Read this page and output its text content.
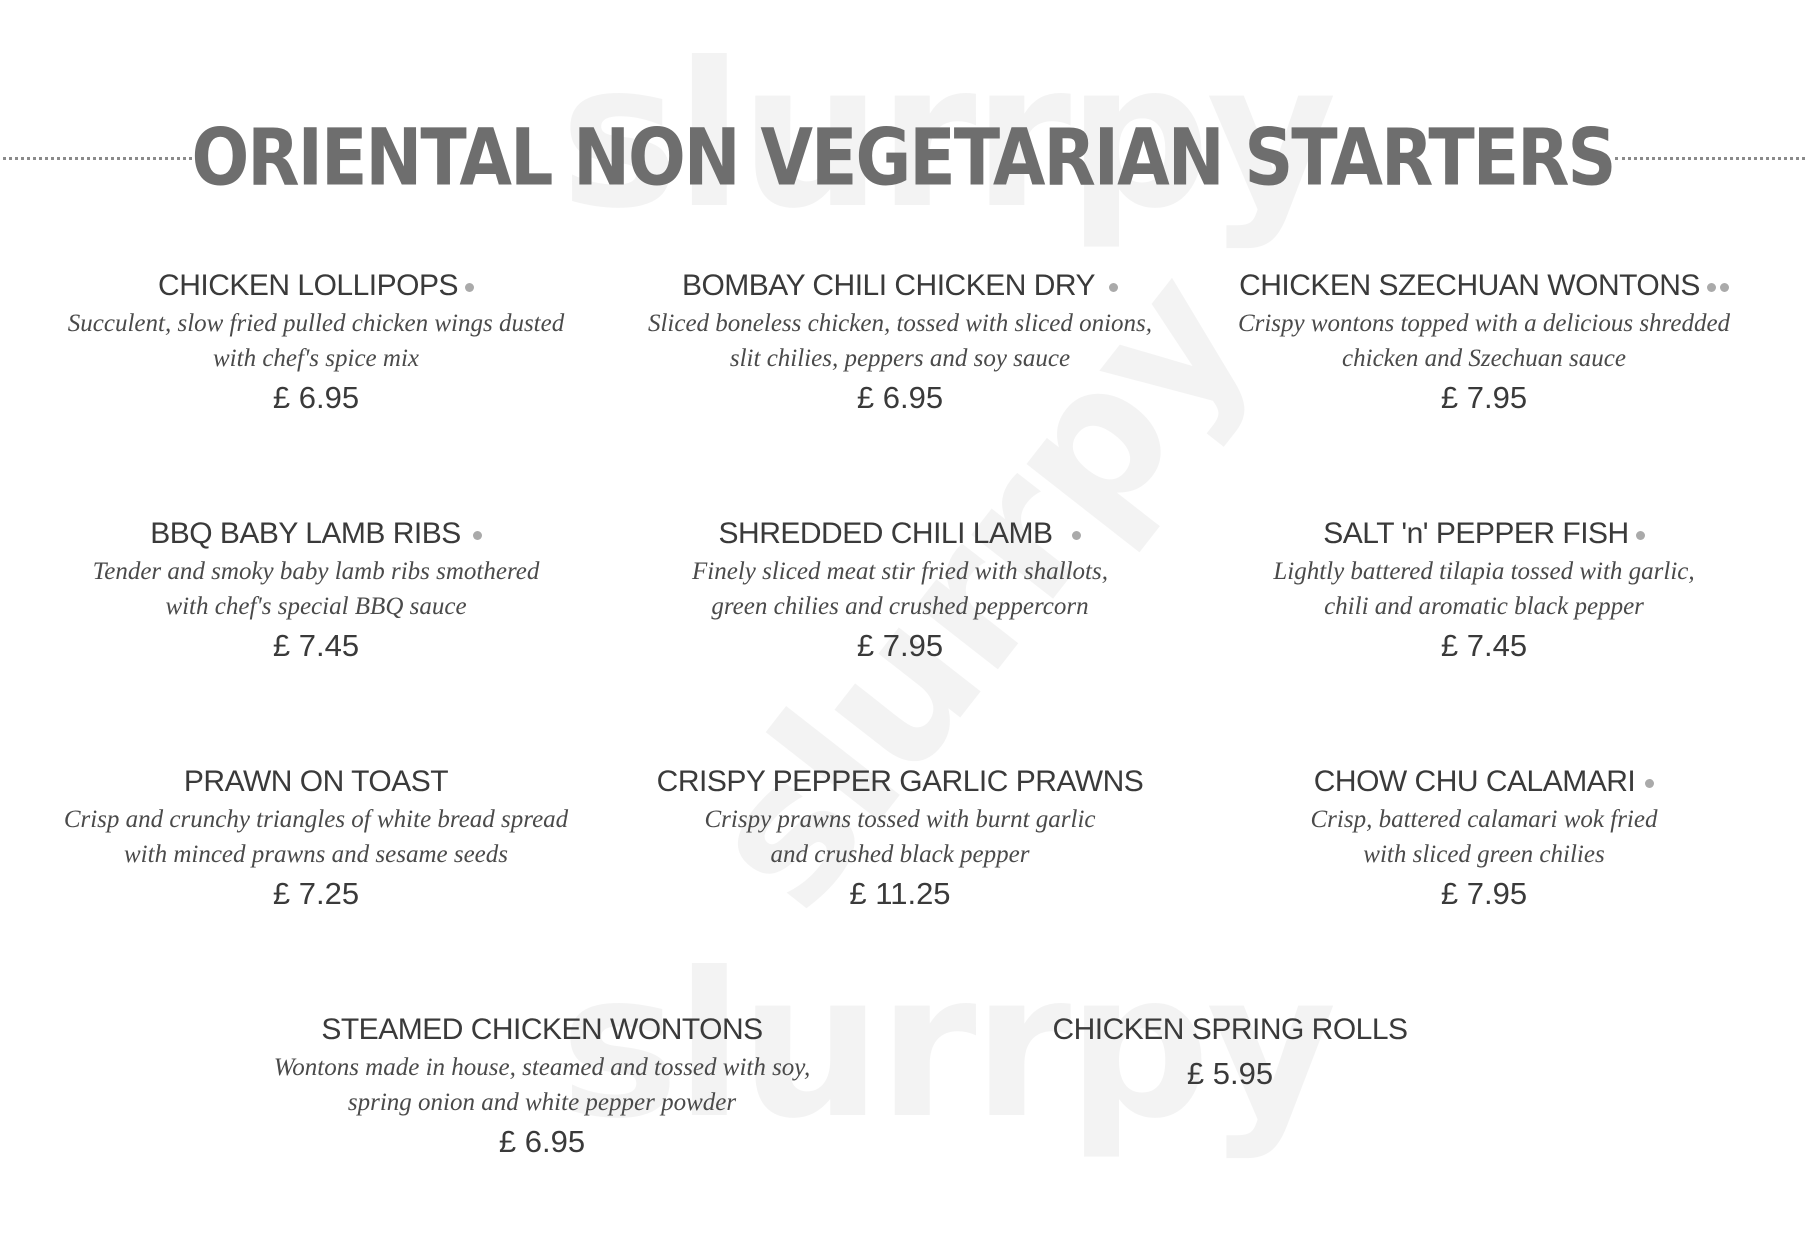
ORIENTAL NON VEGETARIAN STARTERS
CHICKEN LOLLIPOPS
Succulent, slow fried pulled chicken wings dusted
with chef's spice mix
£ 6.95
BOMBAY CHILI CHICKEN DRY
Sliced boneless chicken, tossed with sliced onions,
slit chilies, peppers and soy sauce
£ 6.95
CHICKEN SZECHUAN WONTONS
Crispy wontons topped with a delicious shredded
chicken and Szechuan sauce
£ 7.95
BBQ BABY LAMB RIBS
Tender and smoky baby lamb ribs smothered
with chef's special BBQ sauce
£ 7.45
SHREDDED CHILI LAMB
Finely sliced meat stir fried with shallots,
green chilies and crushed peppercorn
£ 7.95
SALT 'n' PEPPER FISH
Lightly battered tilapia tossed with garlic,
chili and aromatic black pepper
£ 7.45
PRAWN ON TOAST
Crisp and crunchy triangles of white bread spread
with minced prawns and sesame seeds
£ 7.25
CRISPY PEPPER GARLIC PRAWNS
Crispy prawns tossed with burnt garlic
and crushed black pepper
£ 11.25
CHOW CHU CALAMARI
Crisp, battered calamari wok fried
with sliced green chilies
£ 7.95
STEAMED CHICKEN WONTONS
Wontons made in house, steamed and tossed with soy,
spring onion and white pepper powder
£ 6.95
CHICKEN SPRING ROLLS
£ 5.95
